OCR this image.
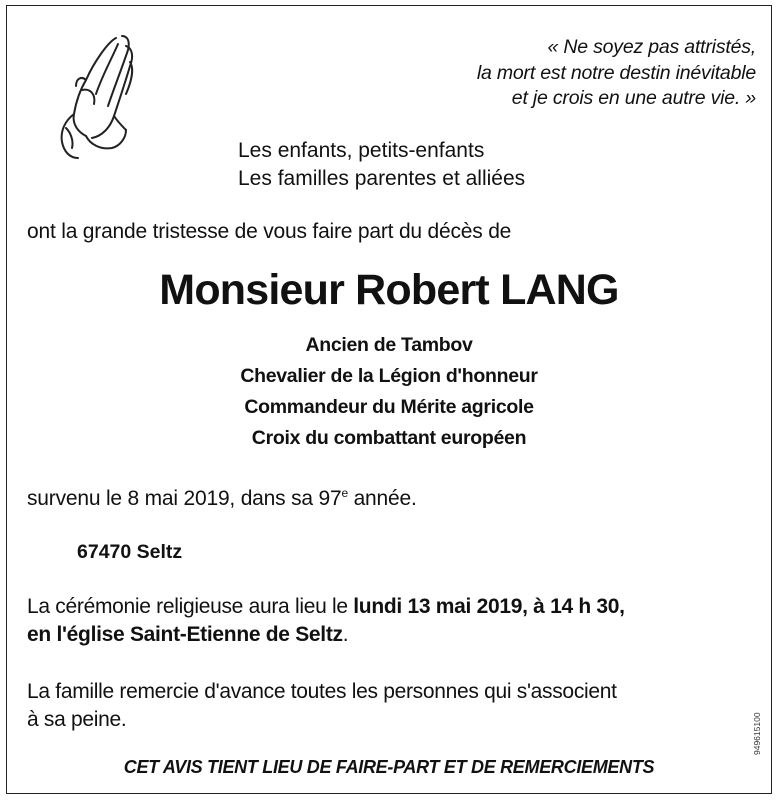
« Ne soyez pas attristés,
la mort est notre destin inévitable
et je crois en une autre vie. »
Les enfants, petits-enfants
Les familles parentes et alliées
ont la grande tristesse de vous faire part du décès de
Monsieur Robert LANG
Ancien de Tambov
Chevalier de la Légion d'honneur
Commandeur du Mérite agricole
Croix du combattant européen
survenu le 8 mai 2019, dans sa 97e année.
67470 Seltz
La cérémonie religieuse aura lieu le lundi 13 mai 2019, à 14 h 30,
en l'église Saint-Etienne de Seltz.
La famille remercie d'avance toutes les personnes qui s'associent
à sa peine.
CET AVIS TIENT LIEU DE FAIRE-PART ET DE REMERCIEMENTS
949615100
